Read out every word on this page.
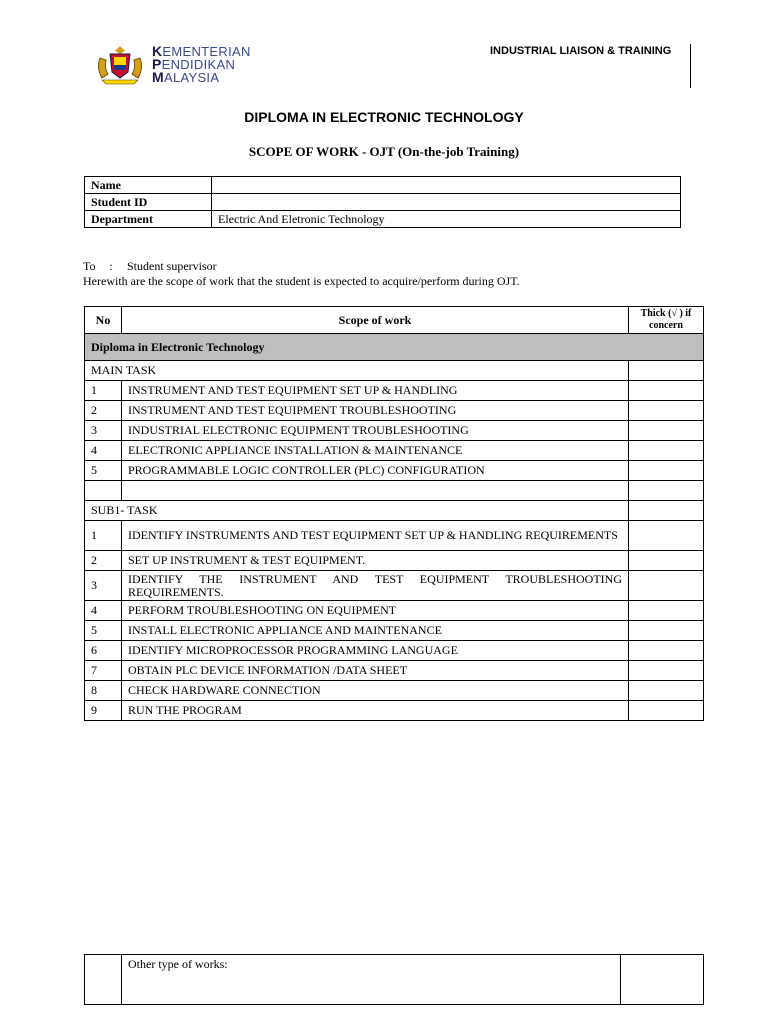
KEMENTERIAN
PENDIDIKAN
MALAYSIA
INDUSTRIAL LIAISON & TRAINING
DIPLOMA IN ELECTRONIC TECHNOLOGY
SCOPE OF WORK - OJT (On-the-job Training)
Name	
Student ID	
Department	Electric And Eletronic Technology
To : Student supervisor
Herewith are the scope of work that the student is expected to acquire/perform during OJT.
No	Scope of work	Thick (√ ) if concern
Diploma in Electronic Technology		
MAIN TASK		
1	INSTRUMENT AND TEST EQUIPMENT SET UP & HANDLING	
2	INSTRUMENT AND TEST EQUIPMENT TROUBLESHOOTING	
3	INDUSTRIAL ELECTRONIC EQUIPMENT TROUBLESHOOTING	
4	ELECTRONIC APPLIANCE INSTALLATION & MAINTENANCE	
5	PROGRAMMABLE LOGIC CONTROLLER (PLC) CONFIGURATION	

SUB1- TASK		
1	IDENTIFY INSTRUMENTS AND TEST EQUIPMENT SET UP & HANDLING REQUIREMENTS	
2	SET UP INSTRUMENT & TEST EQUIPMENT.	
3	IDENTIFY THE INSTRUMENT AND TEST EQUIPMENT TROUBLESHOOTING REQUIREMENTS.	
4	PERFORM TROUBLESHOOTING ON EQUIPMENT	
5	INSTALL ELECTRONIC APPLIANCE AND MAINTENANCE	
6	IDENTIFY MICROPROCESSOR PROGRAMMING LANGUAGE	
7	OBTAIN PLC DEVICE INFORMATION /DATA SHEET	
8	CHECK HARDWARE CONNECTION	
9	RUN THE PROGRAM	
	Other type of works:	
